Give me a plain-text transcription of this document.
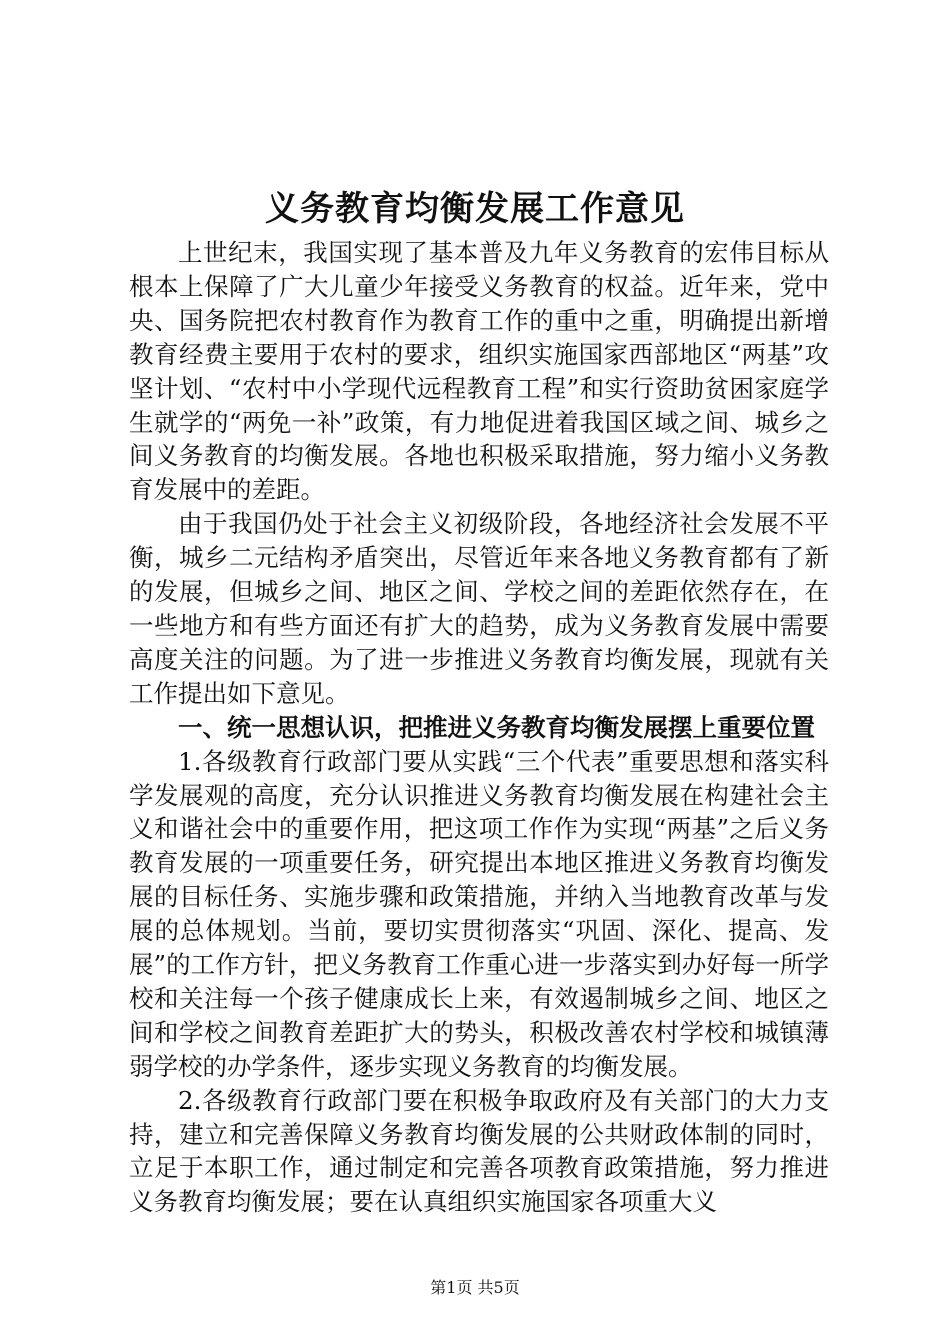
义务教育均衡发展工作意见

上世纪末，我国实现了基本普及九年义务教育的宏伟目标从根本上保障了广大儿童少年接受义务教育的权益。近年来，党中央、国务院把农村教育作为教育工作的重中之重，明确提出新增教育经费主要用于农村的要求，组织实施国家西部地区“两基”攻坚计划、“农村中小学现代远程教育工程”和实行资助贫困家庭学生就学的“两免一补”政策，有力地促进着我国区域之间、城乡之间义务教育的均衡发展。各地也积极采取措施，努力缩小义务教育发展中的差距。

由于我国仍处于社会主义初级阶段，各地经济社会发展不平衡，城乡二元结构矛盾突出，尽管近年来各地义务教育都有了新的发展，但城乡之间、地区之间、学校之间的差距依然存在，在一些地方和有些方面还有扩大的趋势，成为义务教育发展中需要高度关注的问题。为了进一步推进义务教育均衡发展，现就有关工作提出如下意见。

一、统一思想认识，把推进义务教育均衡发展摆上重要位置

1.各级教育行政部门要从实践“三个代表”重要思想和落实科学发展观的高度，充分认识推进义务教育均衡发展在构建社会主义和谐社会中的重要作用，把这项工作作为实现“两基”之后义务教育发展的一项重要任务，研究提出本地区推进义务教育均衡发展的目标任务、实施步骤和政策措施，并纳入当地教育改革与发展的总体规划。当前，要切实贯彻落实“巩固、深化、提高、发展”的工作方针，把义务教育工作重心进一步落实到办好每一所学校和关注每一个孩子健康成长上来，有效遏制城乡之间、地区之间和学校之间教育差距扩大的势头，积极改善农村学校和城镇薄弱学校的办学条件，逐步实现义务教育的均衡发展。

2.各级教育行政部门要在积极争取政府及有关部门的大力支持，建立和完善保障义务教育均衡发展的公共财政体制的同时，立足于本职工作，通过制定和完善各项教育政策措施，努力推进义务教育均衡发展；要在认真组织实施国家各项重大义

第1页 共5页
